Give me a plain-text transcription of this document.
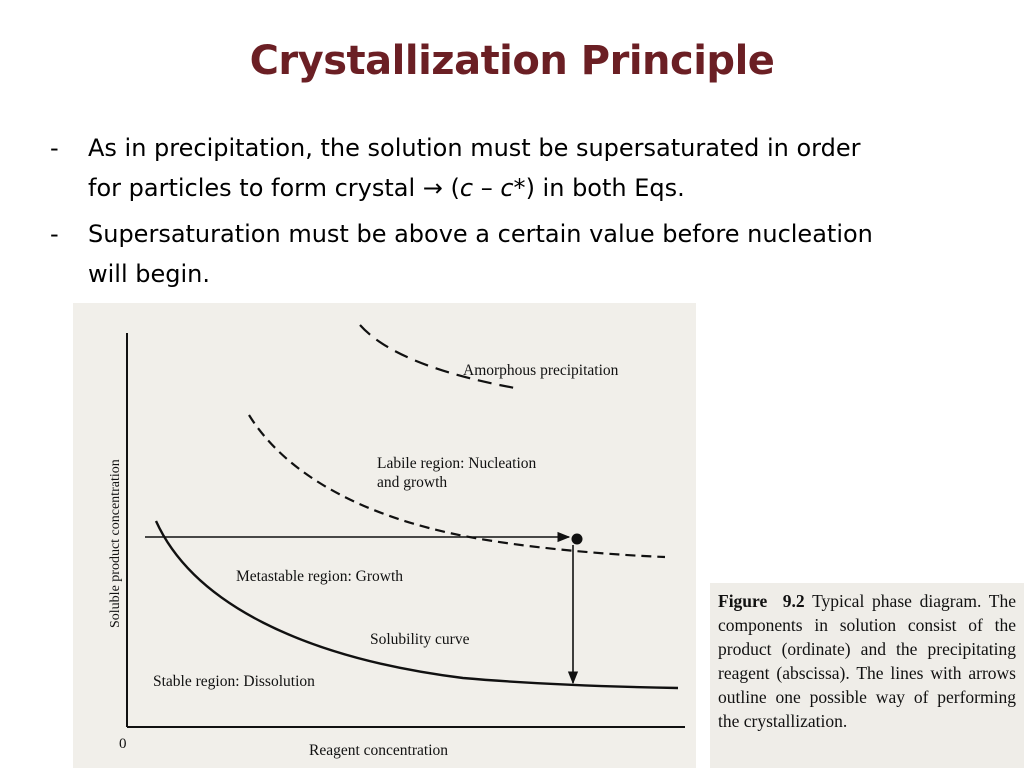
Crystallization Principle
- As in precipitation, the solution must be supersaturated in order
for particles to form crystal → (c – c*) in both Eqs.
- Supersaturation must be above a certain value before nucleation
will begin.
Amorphous precipitation
Labile region: Nucleation
and growth
Metastable region: Growth
Solubility curve
Stable region: Dissolution
0	Reagent concentration
Soluble product concentration	Figure 9.2 Typical phase diagram. The components in solution consist of the product (ordinate) and the precipitating reagent (abscissa). The lines with arrows outline one possible way of performing the crystallization.
